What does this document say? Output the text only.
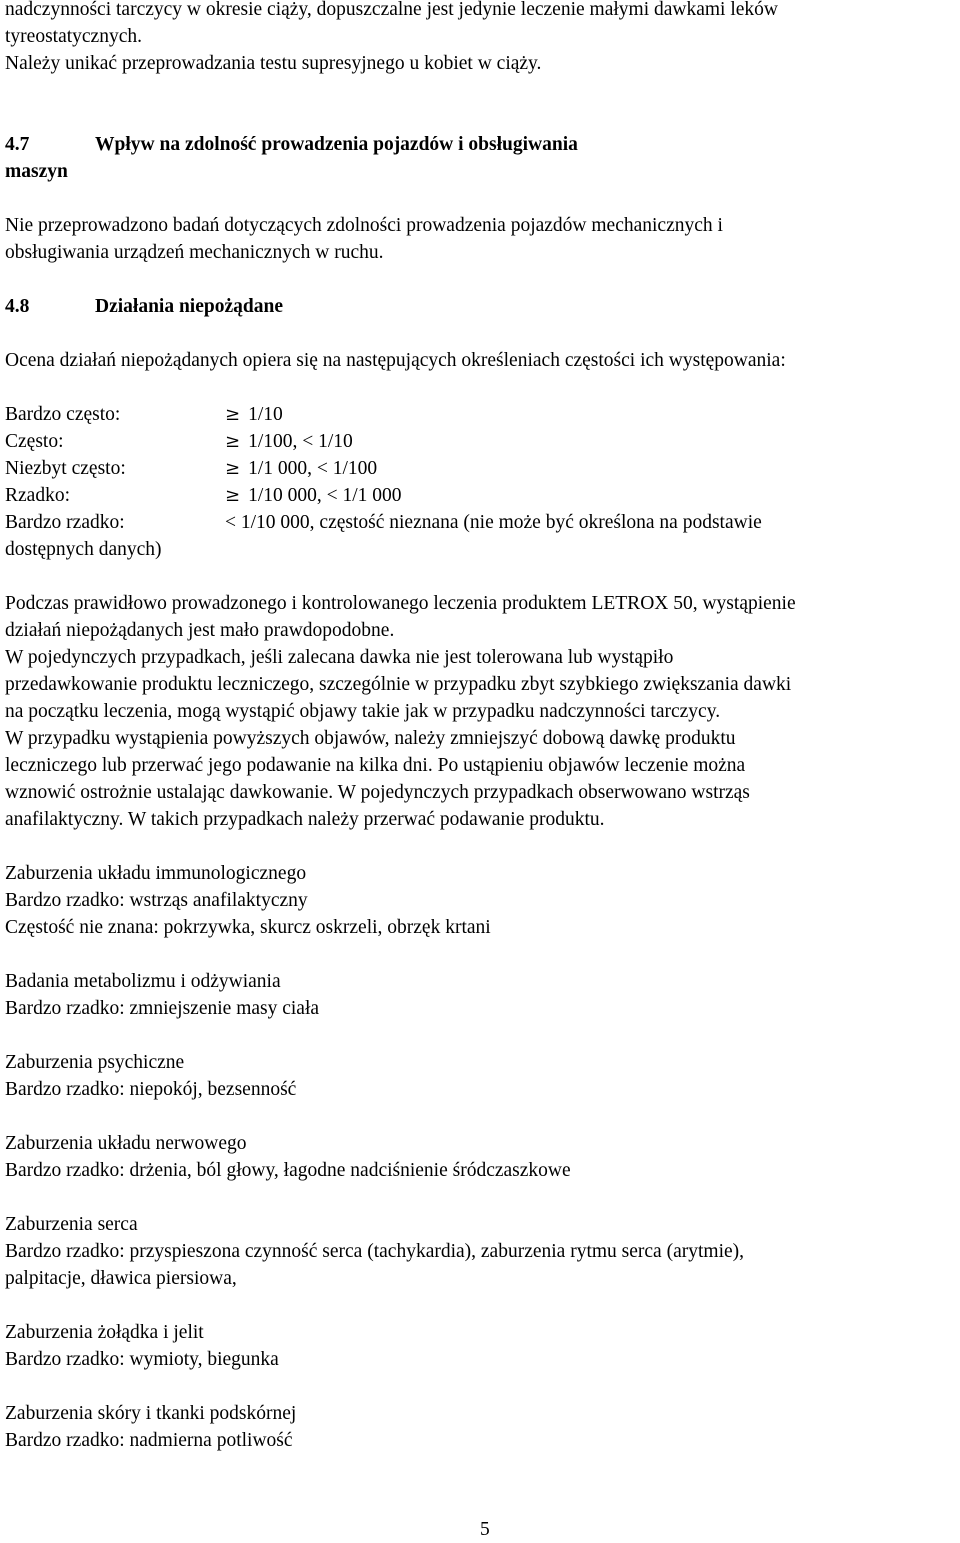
nadczynności tarczycy w okresie ciąży, dopuszczalne jest jedynie leczenie małymi dawkami leków
tyreostatycznych.
Należy unikać przeprowadzania testu supresyjnego u kobiet w ciąży.
4.7	Wpływ na zdolność prowadzenia pojazdów i obsługiwania
maszyn
Nie przeprowadzono badań dotyczących zdolności prowadzenia pojazdów mechanicznych i
obsługiwania urządzeń mechanicznych w ruchu.
4.8	Działania niepożądane
Ocena działań niepożądanych opiera się na następujących określeniach częstości ich występowania:
Bardzo często:	≥ 1/10
Często:	≥ 1/100, < 1/10
Niezbyt często:	≥ 1/1 000, < 1/100
Rzadko:	≥ 1/10 000, < 1/1 000
Bardzo rzadko:	< 1/10 000, częstość nieznana (nie może być określona na podstawie
dostępnych danych)
Podczas prawidłowo prowadzonego i kontrolowanego leczenia produktem LETROX 50, wystąpienie
działań niepożądanych jest mało prawdopodobne.
W pojedynczych przypadkach, jeśli zalecana dawka nie jest tolerowana lub wystąpiło
przedawkowanie produktu leczniczego, szczególnie w przypadku zbyt szybkiego zwiększania dawki
na początku leczenia, mogą wystąpić objawy takie jak w przypadku nadczynności tarczycy.
W przypadku wystąpienia powyższych objawów, należy zmniejszyć dobową dawkę produktu
leczniczego lub przerwać jego podawanie na kilka dni. Po ustąpieniu objawów leczenie można
wznowić ostrożnie ustalając dawkowanie. W pojedynczych przypadkach obserwowano wstrząs
anafilaktyczny. W takich przypadkach należy przerwać podawanie produktu.
Zaburzenia układu immunologicznego
Bardzo rzadko: wstrząs anafilaktyczny
Częstość nie znana: pokrzywka, skurcz oskrzeli, obrzęk krtani
Badania metabolizmu i odżywiania
Bardzo rzadko: zmniejszenie masy ciała
Zaburzenia psychiczne
Bardzo rzadko: niepokój, bezsenność
Zaburzenia układu nerwowego
Bardzo rzadko: drżenia, ból głowy, łagodne nadciśnienie śródczaszkowe
Zaburzenia serca
Bardzo rzadko: przyspieszona czynność serca (tachykardia), zaburzenia rytmu serca (arytmie),
palpitacje, dławica piersiowa,
Zaburzenia żołądka i jelit
Bardzo rzadko: wymioty, biegunka
Zaburzenia skóry i tkanki podskórnej
Bardzo rzadko: nadmierna potliwość
5
